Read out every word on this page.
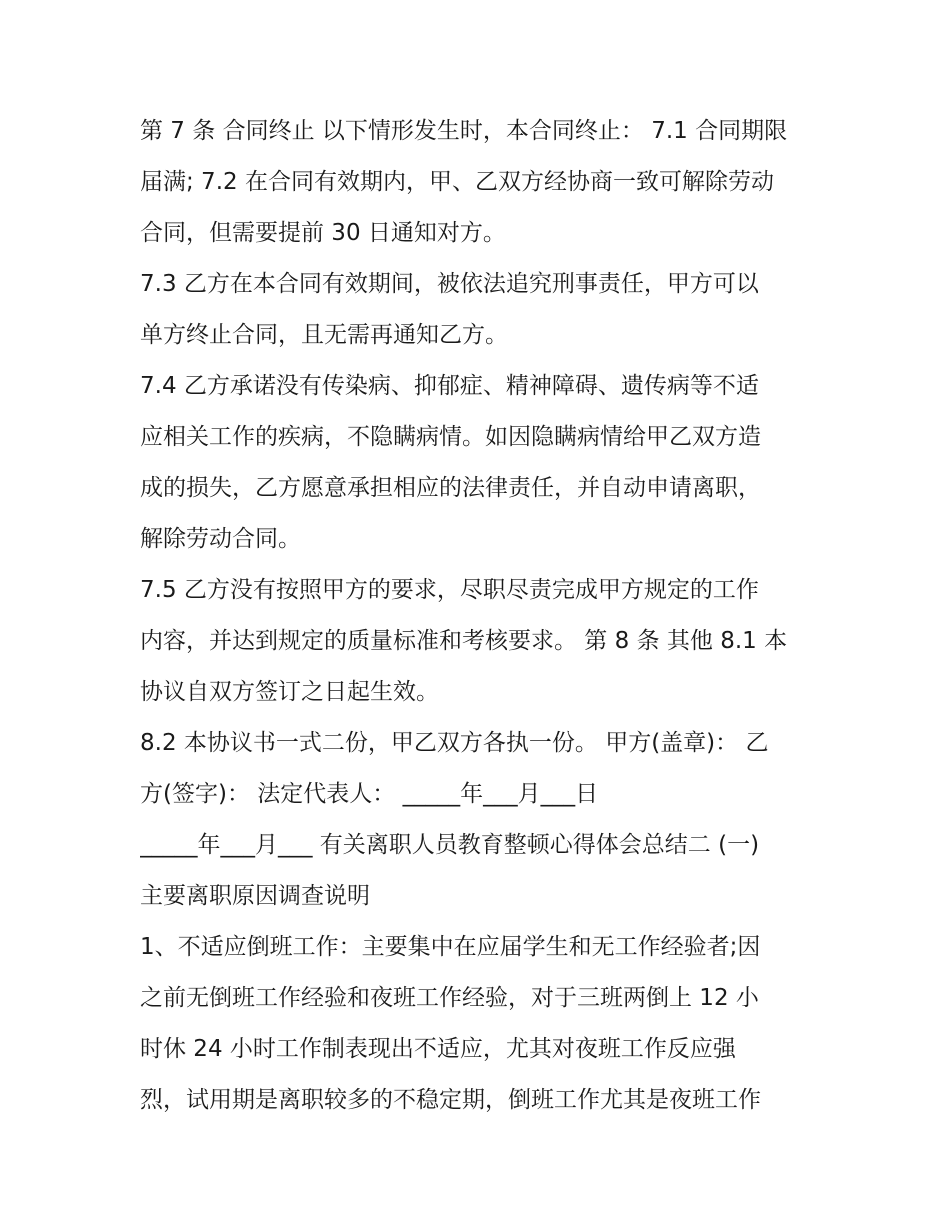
第 7 条 合同终止 以下情形发生时，本合同终止： 7.1 合同期限
届满; 7.2 在合同有效期内，甲、乙双方经协商一致可解除劳动
合同，但需要提前 30 日通知对方。
7.3 乙方在本合同有效期间，被依法追究刑事责任，甲方可以
单方终止合同，且无需再通知乙方。
7.4 乙方承诺没有传染病、抑郁症、精神障碍、遗传病等不适
应相关工作的疾病，不隐瞒病情。如因隐瞒病情给甲乙双方造
成的损失，乙方愿意承担相应的法律责任，并自动申请离职，
解除劳动合同。
7.5 乙方没有按照甲方的要求，尽职尽责完成甲方规定的工作
内容，并达到规定的质量标准和考核要求。 第 8 条 其他 8.1 本
协议自双方签订之日起生效。
8.2 本协议书一式二份，甲乙双方各执一份。 甲方(盖章)： 乙
方(签字)： 法定代表人： _____年___月___日
_____年___月___ 有关离职人员教育整顿心得体会总结二 (一)
主要离职原因调查说明
1、不适应倒班工作：主要集中在应届学生和无工作经验者;因
之前无倒班工作经验和夜班工作经验，对于三班两倒上 12 小
时休 24 小时工作制表现出不适应，尤其对夜班工作反应强
烈，试用期是离职较多的不稳定期，倒班工作尤其是夜班工作
